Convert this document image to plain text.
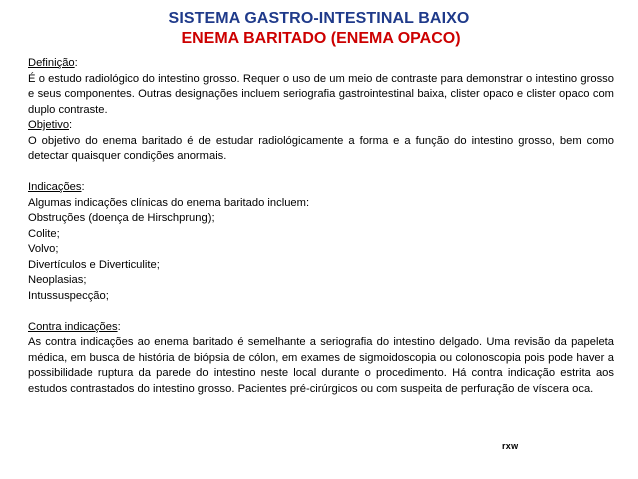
SISTEMA GASTRO-INTESTINAL BAIXO
ENEMA BARITADO (ENEMA OPACO)

Definição:

É o estudo radiológico do intestino grosso. Requer o uso de um meio de contraste para demonstrar o intestino grosso e seus componentes. Outras designações incluem seriografia gastrointestinal baixa, clister opaco e clister opaco com duplo contraste.

Objetivo:

O objetivo do enema baritado é de estudar radiológicamente a forma e a função do intestino grosso, bem como detectar quaisquer condições anormais.

Indicações:

Algumas indicações clínicas do enema baritado incluem:

Obstruções (doença de Hirschprung);

Colite;

Volvo;

Divertículos e Diverticulite;

Neoplasias;

Intussuspecção;

Contra indicações:

As contra indicações ao enema baritado é semelhante a seriografia do intestino delgado. Uma revisão da papeleta médica, em busca de história de biópsia de cólon, em exames de sigmoidoscopia ou colonoscopia pois pode haver a possibilidade ruptura da parede do intestino neste local durante o procedimento. Há contra indicação estrita aos estudos contrastados do intestino grosso. Pacientes pré-cirúrgicos ou com suspeita de perfuração de víscera oca.

rxw
